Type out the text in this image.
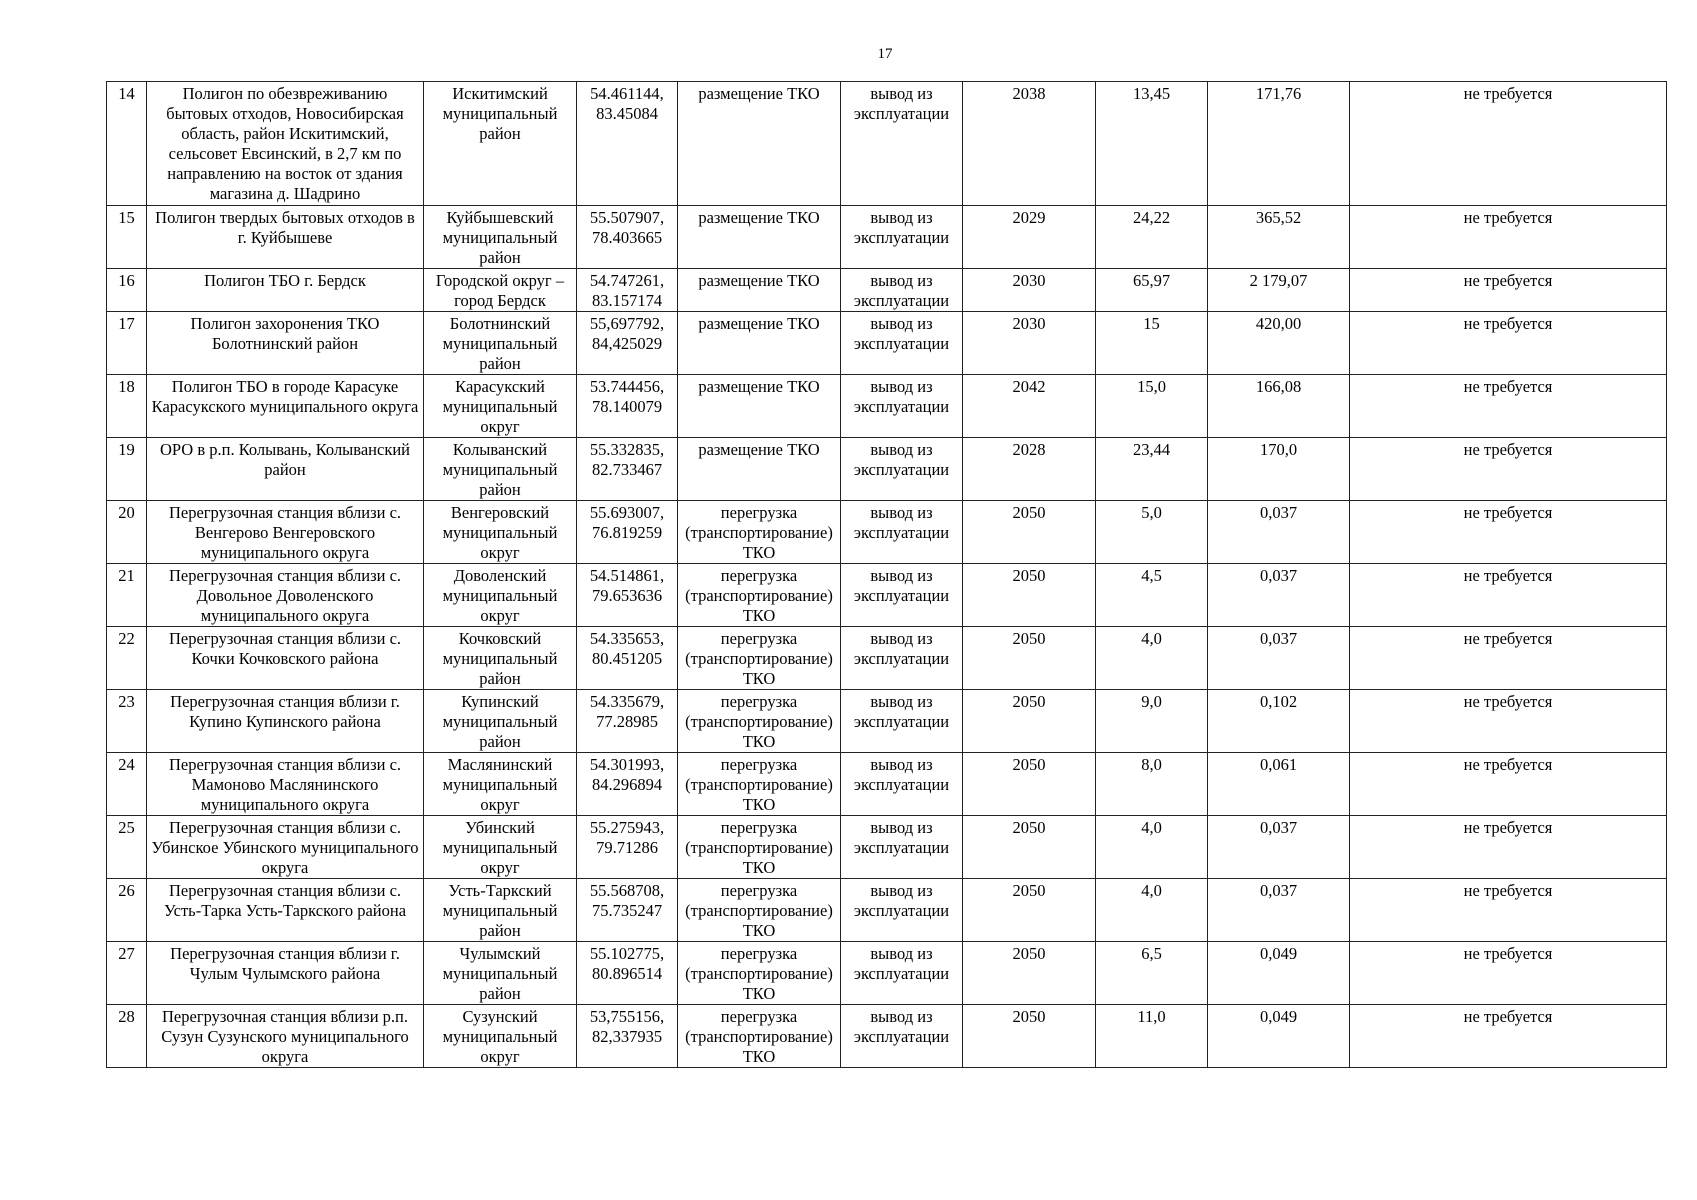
17
14	Полигон по обезвреживанию бытовых отходов, Новосибирская область, район Искитимский, сельсовет Евсинский, в 2,7 км по направлению на восток от здания магазина д. Шадрино	Искитимский муниципальный район	54.461144, 83.45084	размещение ТКО	вывод из эксплуатации	2038	13,45	171,76	не требуется
15	Полигон твердых бытовых отходов в г. Куйбышеве	Куйбышевский муниципальный район	55.507907, 78.403665	размещение ТКО	вывод из эксплуатации	2029	24,22	365,52	не требуется
16	Полигон ТБО г. Бердск	Городской округ – город Бердск	54.747261, 83.157174	размещение ТКО	вывод из эксплуатации	2030	65,97	2 179,07	не требуется
17	Полигон захоронения ТКО Болотнинский район	Болотнинский муниципальный район	55,697792, 84,425029	размещение ТКО	вывод из эксплуатации	2030	15	420,00	не требуется
18	Полигон ТБО в городе Карасуке Карасукского муниципального округа	Карасукский муниципальный округ	53.744456, 78.140079	размещение ТКО	вывод из эксплуатации	2042	15,0	166,08	не требуется
19	ОРО в р.п. Колывань, Колыванский район	Колыванский муниципальный район	55.332835, 82.733467	размещение ТКО	вывод из эксплуатации	2028	23,44	170,0	не требуется
20	Перегрузочная станция вблизи с. Венгерово Венгеровского муниципального округа	Венгеровский муниципальный округ	55.693007, 76.819259	перегрузка (транспортирование) ТКО	вывод из эксплуатации	2050	5,0	0,037	не требуется
21	Перегрузочная станция вблизи с. Довольное Доволенского муниципального округа	Доволенский муниципальный округ	54.514861, 79.653636	перегрузка (транспортирование) ТКО	вывод из эксплуатации	2050	4,5	0,037	не требуется
22	Перегрузочная станция вблизи с. Кочки Кочковского района	Кочковский муниципальный район	54.335653, 80.451205	перегрузка (транспортирование) ТКО	вывод из эксплуатации	2050	4,0	0,037	не требуется
23	Перегрузочная станция вблизи г. Купино Купинского района	Купинский муниципальный район	54.335679, 77.28985	перегрузка (транспортирование) ТКО	вывод из эксплуатации	2050	9,0	0,102	не требуется
24	Перегрузочная станция вблизи с. Мамоново Маслянинского муниципального округа	Маслянинский муниципальный округ	54.301993, 84.296894	перегрузка (транспортирование) ТКО	вывод из эксплуатации	2050	8,0	0,061	не требуется
25	Перегрузочная станция вблизи с. Убинское Убинского муниципального округа	Убинский муниципальный округ	55.275943, 79.71286	перегрузка (транспортирование) ТКО	вывод из эксплуатации	2050	4,0	0,037	не требуется
26	Перегрузочная станция вблизи с. Усть-Тарка Усть-Таркского района	Усть-Таркский муниципальный район	55.568708, 75.735247	перегрузка (транспортирование) ТКО	вывод из эксплуатации	2050	4,0	0,037	не требуется
27	Перегрузочная станция вблизи г. Чулым Чулымского района	Чулымский муниципальный район	55.102775, 80.896514	перегрузка (транспортирование) ТКО	вывод из эксплуатации	2050	6,5	0,049	не требуется
28	Перегрузочная станция вблизи р.п. Сузун Сузунского муниципального округа	Сузунский муниципальный округ	53,755156, 82,337935	перегрузка (транспортирование) ТКО	вывод из эксплуатации	2050	11,0	0,049	не требуется
